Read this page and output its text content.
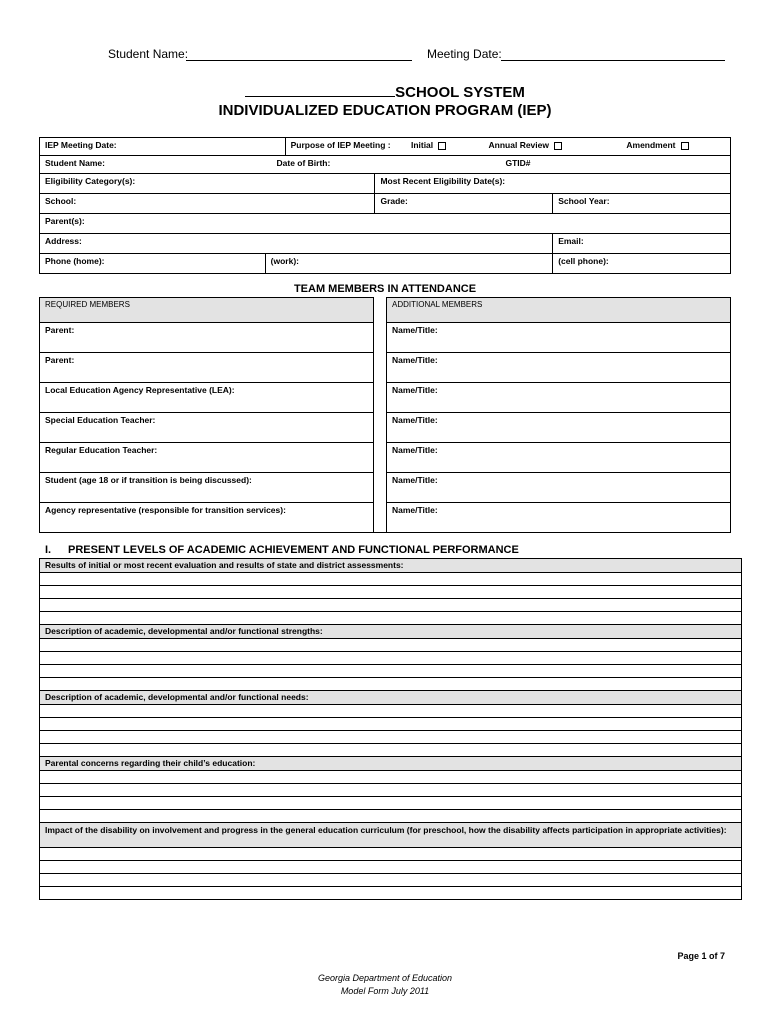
Student Name:	Meeting Date:
SCHOOL SYSTEM
INDIVIDUALIZED EDUCATION PROGRAM (IEP)
IEP Meeting Date:		Purpose of IEP Meeting : Initial Annual Review Amendment		
Student Name: Date of Birth: GTID#				

Eligibility Category(s):			Most Recent Eligibility Date(s):	
School:			Grade:	School Year:
Parent(s):				
Address:				Email:
Phone (home):	(work):			(cell phone):
TEAM MEMBERS IN ATTENDANCE
REQUIRED MEMBERS		ADDITIONAL MEMBERS
Parent:		Name/Title:
Parent:		Name/Title:
Local Education Agency Representative (LEA):		Name/Title:
Special Education Teacher:		Name/Title:
Regular Education Teacher:		Name/Title:
Student (age 18 or if transition is being discussed):		Name/Title:
Agency representative (responsible for transition services):		Name/Title:
I. PRESENT LEVELS OF ACADEMIC ACHIEVEMENT AND FUNCTIONAL PERFORMANCE
Results of initial or most recent evaluation and results of state and district assessments:

Description of academic, developmental and/or functional strengths:

Description of academic, developmental and/or functional needs:

Parental concerns regarding their child’s education:

Impact of the disability on involvement and progress in the general education curriculum (for preschool, how the disability affects participation in appropriate activities):

Page 1 of 7
Georgia Department of Education
Model Form July 2011
